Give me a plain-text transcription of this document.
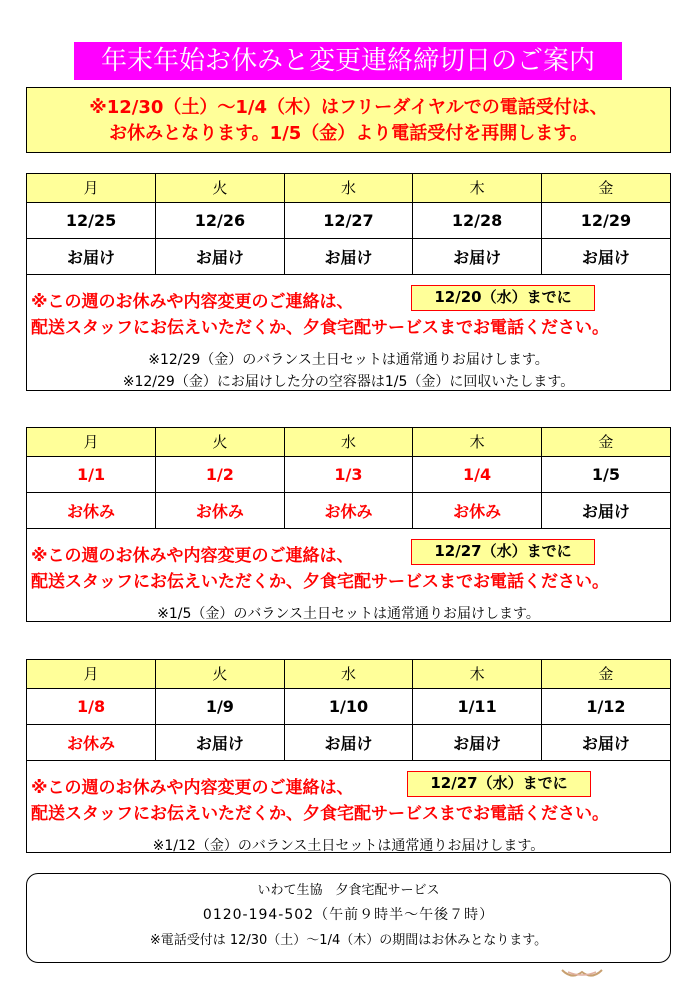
年末年始お休みと変更連絡締切日のご案内
※12/30（土）～1/4（木）はフリーダイヤルでの電話受付は、
お休みとなります。1/5（金）より電話受付を再開します。
月	火	水	木	金
12/25	12/26	12/27	12/28	12/29
お届け	お届け	お届け	お届け	お届け
※この週のお休みや内容変更のご連絡は、
配送スタッフにお伝えいただくか、夕食宅配サービスまでお電話ください。
12/20（水）までに
※12/29（金）のバランス土日セットは通常通りお届けします。
※12/29（金）にお届けした分の空容器は1/5（金）に回収いたします。
月	火	水	木	金
1/1	1/2	1/3	1/4	1/5
お休み	お休み	お休み	お休み	お届け
※この週のお休みや内容変更のご連絡は、
配送スタッフにお伝えいただくか、夕食宅配サービスまでお電話ください。
12/27（水）までに
※1/5（金）のバランス土日セットは通常通りお届けします。
月	火	水	木	金
1/8	1/9	1/10	1/11	1/12
お休み	お届け	お届け	お届け	お届け
※この週のお休みや内容変更のご連絡は、
配送スタッフにお伝えいただくか、夕食宅配サービスまでお電話ください。
12/27（水）までに
※1/12（金）のバランス土日セットは通常通りお届けします。
いわて生協　夕食宅配サービス
0120-194-502（午前９時半～午後７時）
※電話受付は 12/30（土）～1/4（木）の期間はお休みとなります。
